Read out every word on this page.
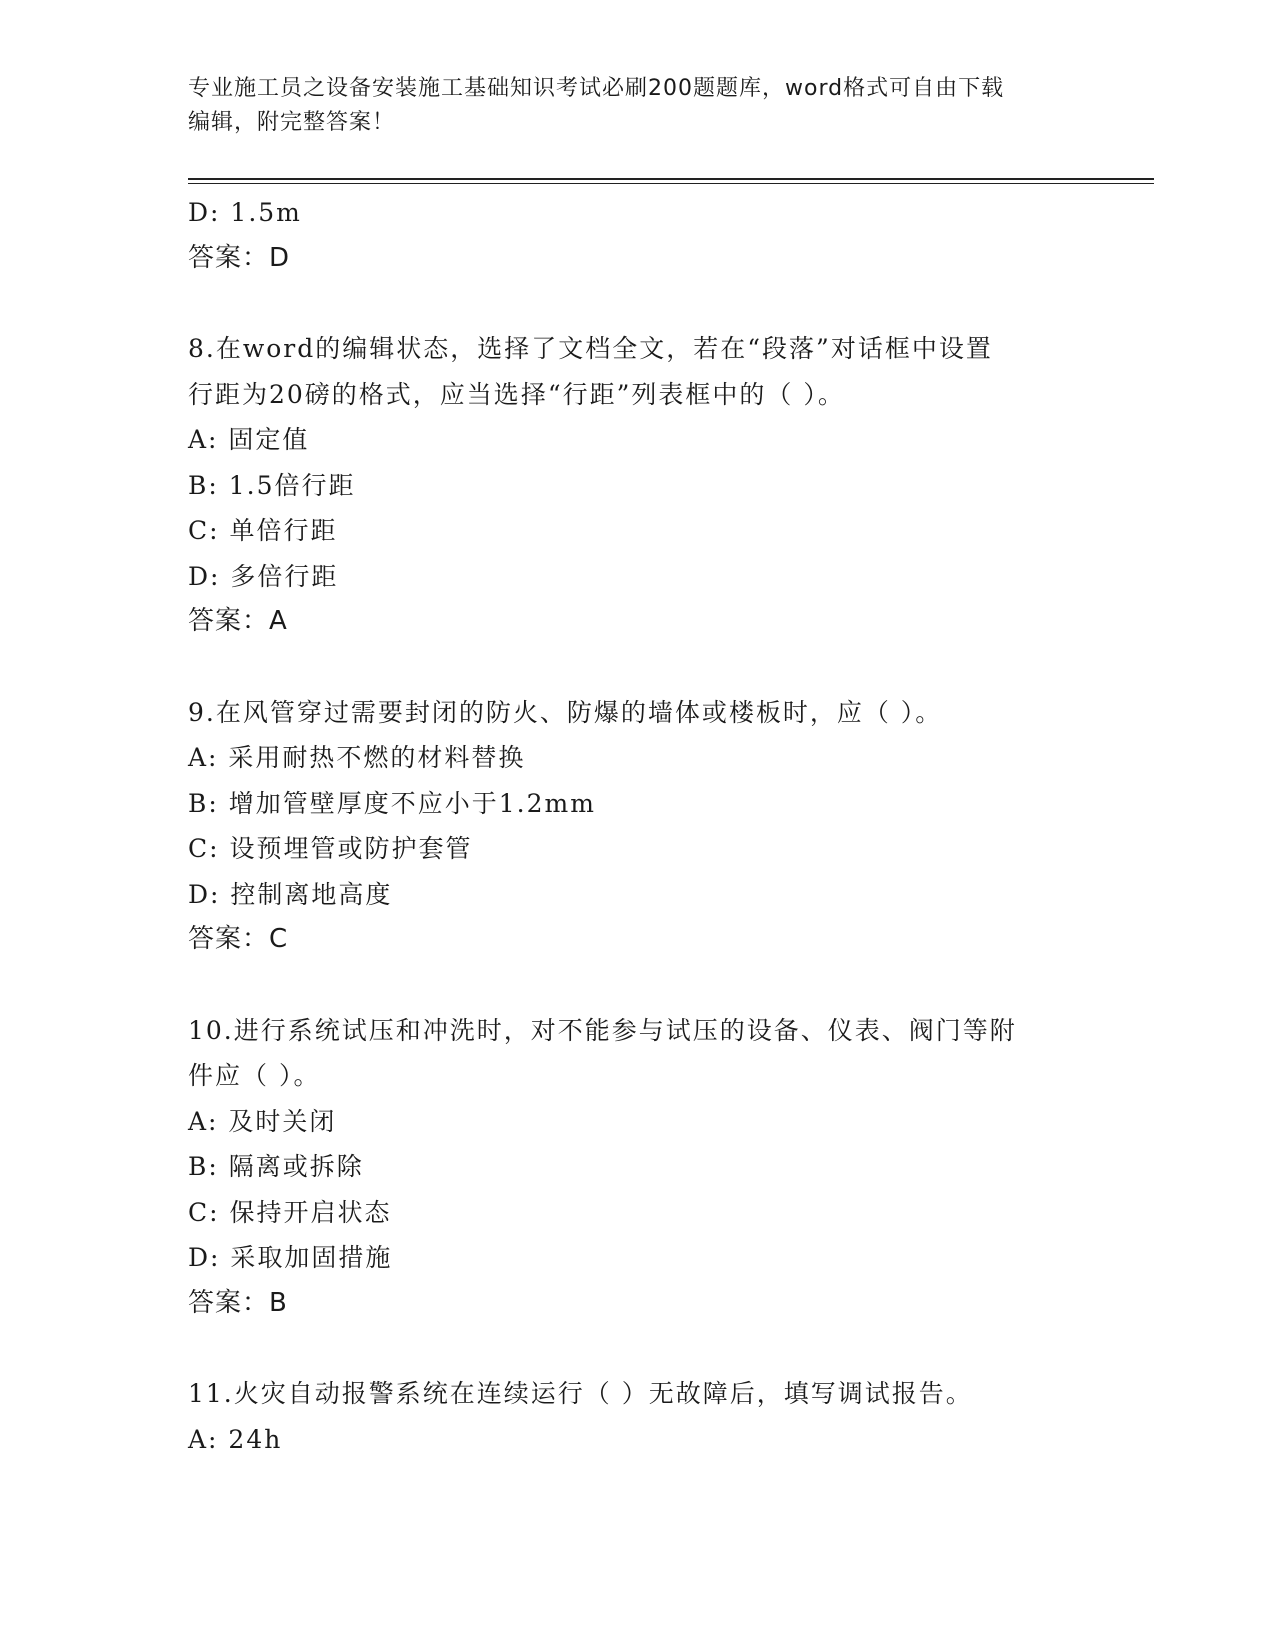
专业施工员之设备安装施工基础知识考试必刷200题题库，word格式可自由下载
编辑，附完整答案！
D: 1.5m
答案：D
8.在word的编辑状态，选择了文档全文，若在“段落”对话框中设置
行距为20磅的格式，应当选择“行距”列表框中的（ ）。
A: 固定值
B: 1.5倍行距
C: 单倍行距
D: 多倍行距
答案：A
9.在风管穿过需要封闭的防火、防爆的墙体或楼板时，应（ ）。
A: 采用耐热不燃的材料替换
B: 增加管壁厚度不应小于1.2mm
C: 设预埋管或防护套管
D: 控制离地高度
答案：C
10.进行系统试压和冲洗时，对不能参与试压的设备、仪表、阀门等附
件应（ ）。
A: 及时关闭
B: 隔离或拆除
C: 保持开启状态
D: 采取加固措施
答案：B
11.火灾自动报警系统在连续运行（ ）无故障后，填写调试报告。
A: 24h
